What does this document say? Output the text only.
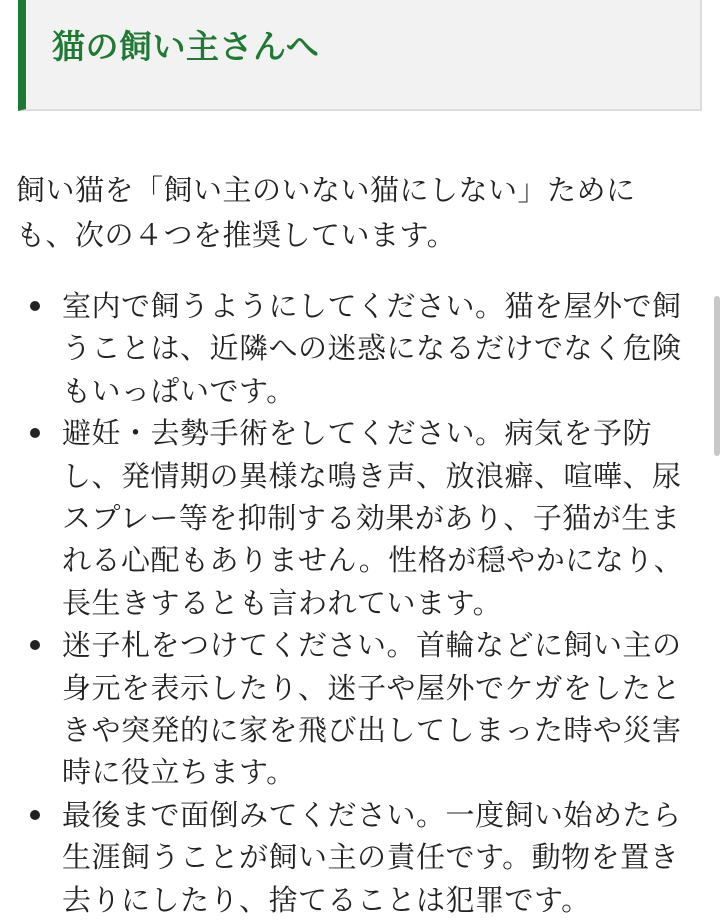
猫の飼い主さんへ

飼い猫を「飼い主のいない猫にしない」ためにも、次の４つを推奨しています。

室内で飼うようにしてください。猫を屋外で飼うことは、近隣への迷惑になるだけでなく危険もいっぱいです。
避妊・去勢手術をしてください。病気を予防し、発情期の異様な鳴き声、放浪癖、喧嘩、尿スプレー等を抑制する効果があり、子猫が生まれる心配もありません。性格が穏やかになり、長生きするとも言われています。
迷子札をつけてください。首輪などに飼い主の身元を表示したり、迷子や屋外でケガをしたときや突発的に家を飛び出してしまった時や災害時に役立ちます。
最後まで面倒みてください。一度飼い始めたら生涯飼うことが飼い主の責任です。動物を置き去りにしたり、捨てることは犯罪です。
